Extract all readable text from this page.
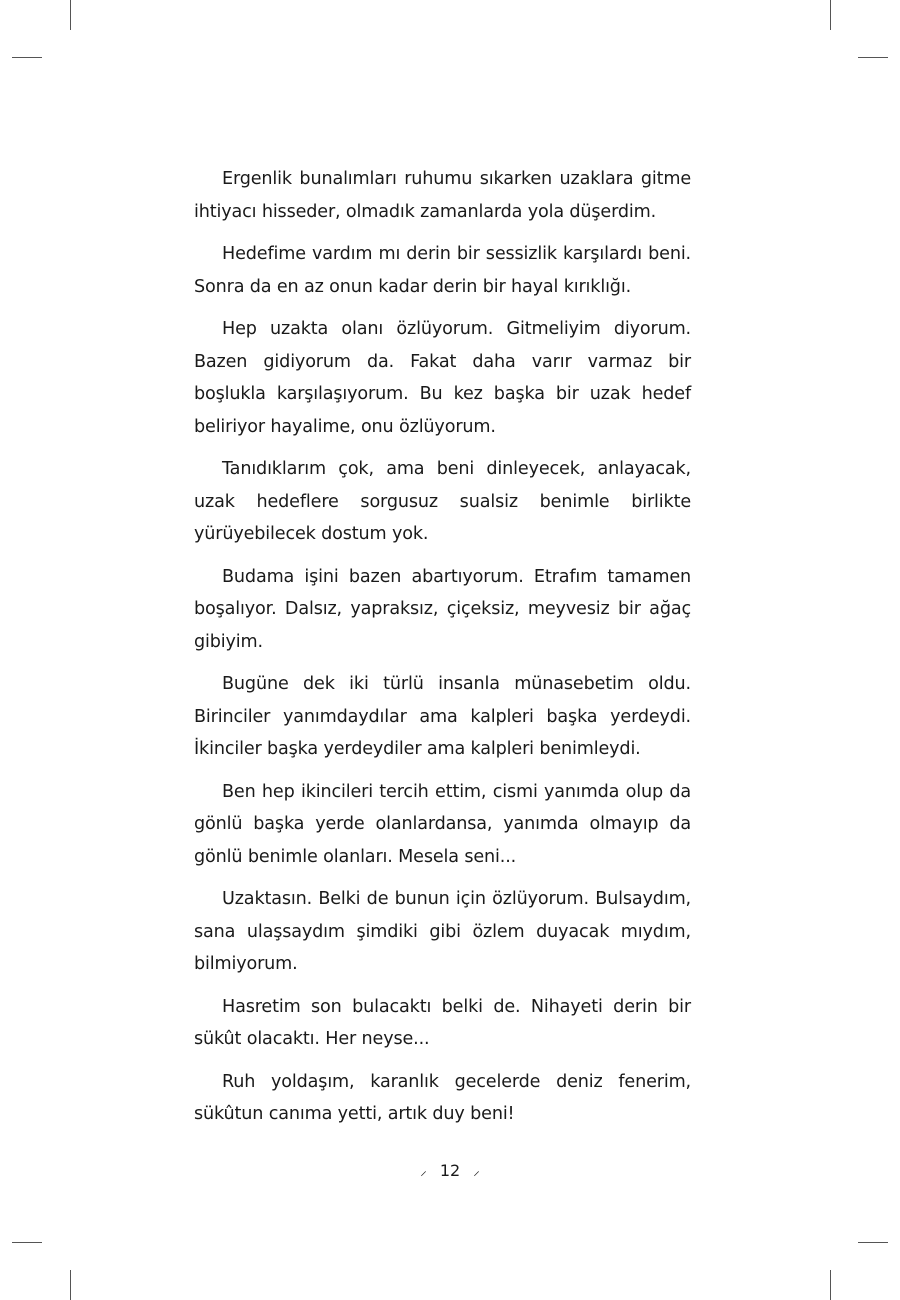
Ergenlik bunalımları ruhumu sıkarken uzaklara gitme ihtiyacı hisseder, olmadık zamanlarda yola düşerdim.

Hedefime vardım mı derin bir sessizlik karşılardı beni. Sonra da en az onun kadar derin bir hayal kırıklığı.

Hep uzakta olanı özlüyorum. Gitmeliyim diyorum. Bazen gidiyorum da. Fakat daha varır varmaz bir boşlukla karşılaşıyorum. Bu kez başka bir uzak hedef beliriyor hayalime, onu özlüyorum.

Tanıdıklarım çok, ama beni dinleyecek, anlayacak, uzak hedeflere sorgusuz sualsiz benimle birlikte yürüyebilecek dostum yok.

Budama işini bazen abartıyorum. Etrafım tamamen boşalıyor. Dalsız, yapraksız, çiçeksiz, meyvesiz bir ağaç gibiyim.

Bugüne dek iki türlü insanla münasebetim oldu. Birinciler yanımdaydılar ama kalpleri başka yerdeydi. İkinciler başka yerdeydiler ama kalpleri benimleydi.

Ben hep ikincileri tercih ettim, cismi yanımda olup da gönlü başka yerde olanlardansa, yanımda olmayıp da gönlü benimle olanları. Mesela seni...

Uzaktasın. Belki de bunun için özlüyorum. Bulsaydım, sana ulaşsaydım şimdiki gibi özlem duyacak mıydım, bilmiyorum.

Hasretim son bulacaktı belki de. Nihayeti derin bir sükût olacaktı. Her neyse...

Ruh yoldaşım, karanlık gecelerde deniz fenerim, sükûtun canıma yetti, artık duy beni!

⸝ 12 ⸝
